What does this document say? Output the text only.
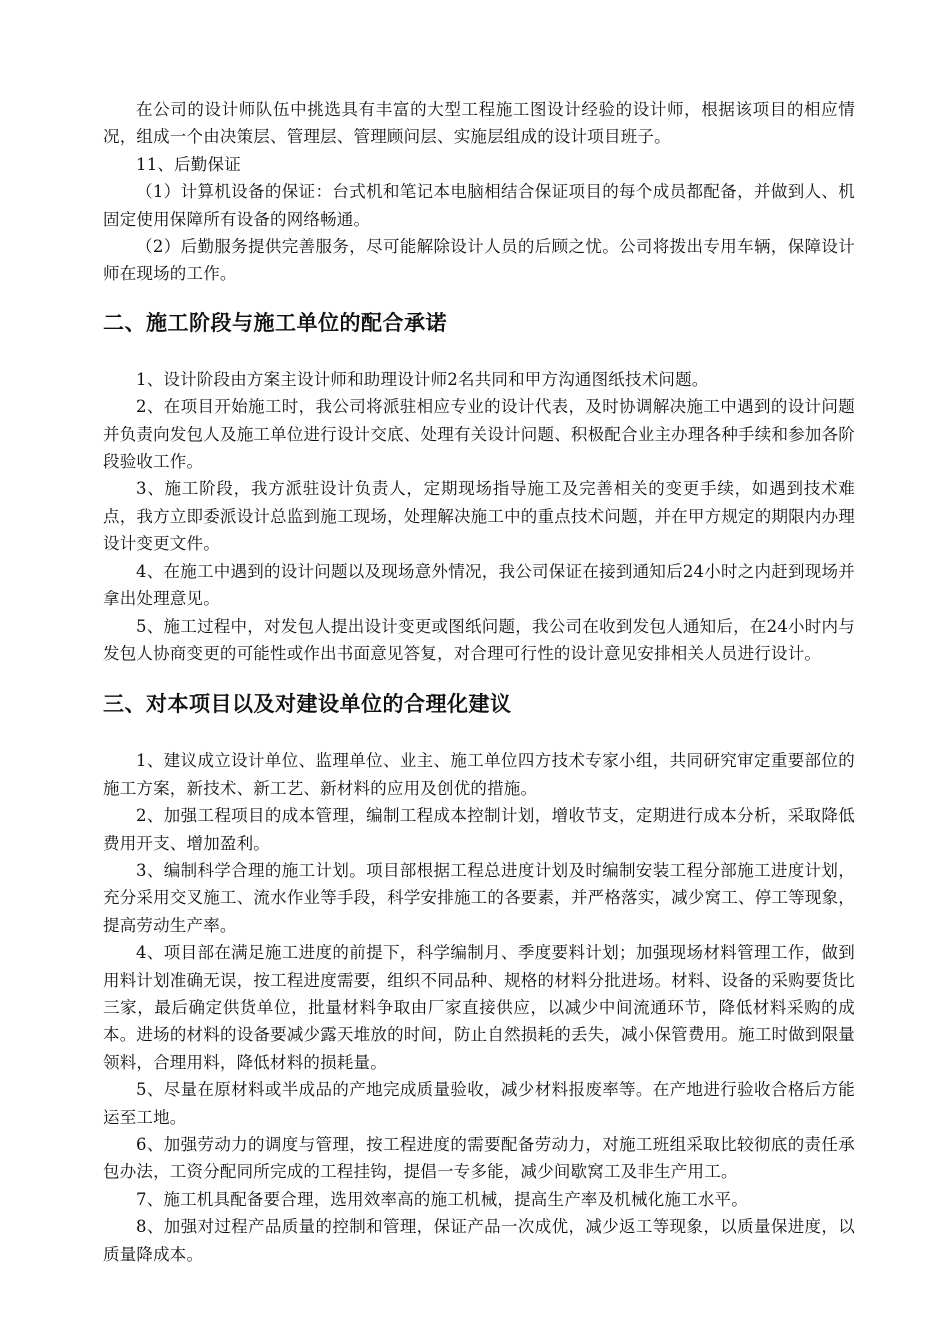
在公司的设计师队伍中挑选具有丰富的大型工程施工图设计经验的设计师，根据该项目的相应情况，组成一个由决策层、管理层、管理顾问层、实施层组成的设计项目班子。

11、后勤保证

（1）计算机设备的保证：台式机和笔记本电脑相结合保证项目的每个成员都配备，并做到人、机固定使用保障所有设备的网络畅通。

（2）后勤服务提供完善服务，尽可能解除设计人员的后顾之忧。公司将拨出专用车辆，保障设计师在现场的工作。

二、施工阶段与施工单位的配合承诺

1、设计阶段由方案主设计师和助理设计师2名共同和甲方沟通图纸技术问题。

2、在项目开始施工时，我公司将派驻相应专业的设计代表，及时协调解决施工中遇到的设计问题并负责向发包人及施工单位进行设计交底、处理有关设计问题、积极配合业主办理各种手续和参加各阶段验收工作。

3、施工阶段，我方派驻设计负责人，定期现场指导施工及完善相关的变更手续，如遇到技术难点，我方立即委派设计总监到施工现场，处理解决施工中的重点技术问题，并在甲方规定的期限内办理设计变更文件。

4、在施工中遇到的设计问题以及现场意外情况，我公司保证在接到通知后24小时之内赶到现场并拿出处理意见。

5、施工过程中，对发包人提出设计变更或图纸问题，我公司在收到发包人通知后，在24小时内与发包人协商变更的可能性或作出书面意见答复，对合理可行性的设计意见安排相关人员进行设计。

三、对本项目以及对建设单位的合理化建议

1、建议成立设计单位、监理单位、业主、施工单位四方技术专家小组，共同研究审定重要部位的施工方案，新技术、新工艺、新材料的应用及创优的措施。

2、加强工程项目的成本管理，编制工程成本控制计划，增收节支，定期进行成本分析，采取降低费用开支、增加盈利。

3、编制科学合理的施工计划。项目部根据工程总进度计划及时编制安装工程分部施工进度计划，充分采用交叉施工、流水作业等手段，科学安排施工的各要素，并严格落实，减少窝工、停工等现象，提高劳动生产率。

4、项目部在满足施工进度的前提下，科学编制月、季度要料计划；加强现场材料管理工作，做到用料计划准确无误，按工程进度需要，组织不同品种、规格的材料分批进场。材料、设备的采购要货比三家，最后确定供货单位，批量材料争取由厂家直接供应，以减少中间流通环节，降低材料采购的成本。进场的材料的设备要减少露天堆放的时间，防止自然损耗的丢失，减小保管费用。施工时做到限量领料，合理用料，降低材料的损耗量。

5、尽量在原材料或半成品的产地完成质量验收，减少材料报废率等。在产地进行验收合格后方能运至工地。

6、加强劳动力的调度与管理，按工程进度的需要配备劳动力，对施工班组采取比较彻底的责任承包办法，工资分配同所完成的工程挂钩，提倡一专多能，减少间歇窝工及非生产用工。

7、施工机具配备要合理，选用效率高的施工机械，提高生产率及机械化施工水平。

8、加强对过程产品质量的控制和管理，保证产品一次成优，减少返工等现象，以质量保进度，以质量降成本。
